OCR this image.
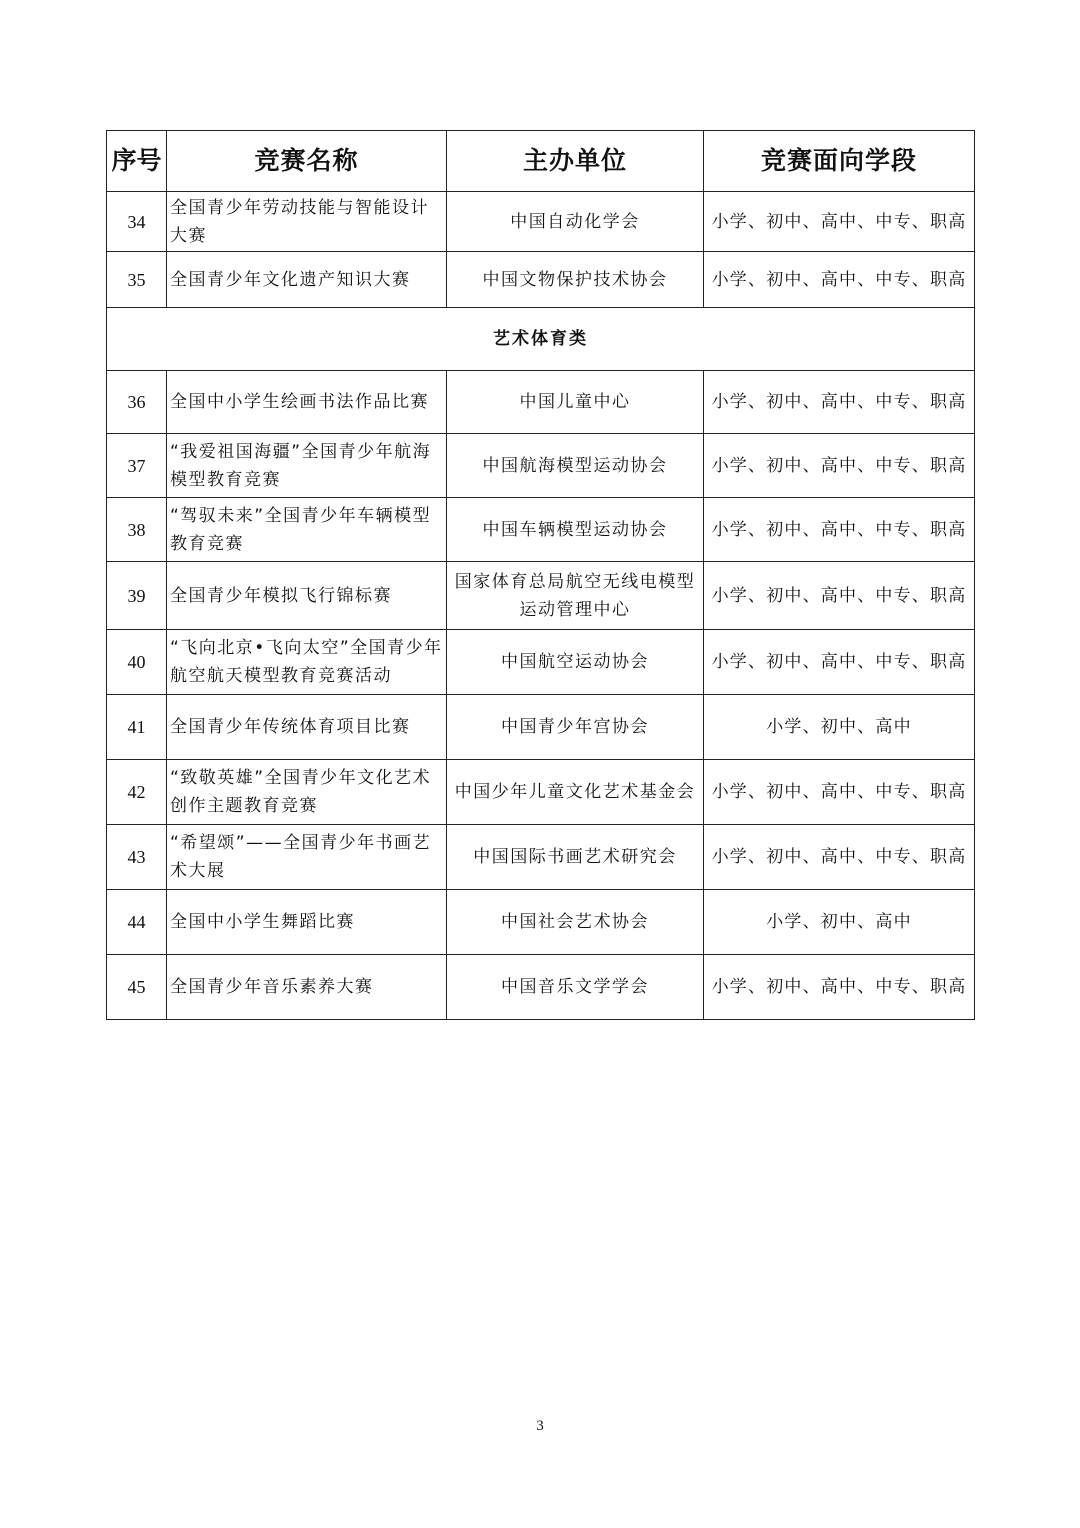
序号	竞赛名称	主办单位	竞赛面向学段
34	全国青少年劳动技能与智能设计大赛	中国自动化学会	小学、初中、高中、中专、职高
35	全国青少年文化遗产知识大赛	中国文物保护技术协会	小学、初中、高中、中专、职高
艺术体育类			
36	全国中小学生绘画书法作品比赛	中国儿童中心	小学、初中、高中、中专、职高
37	“我爱祖国海疆”全国青少年航海模型教育竞赛	中国航海模型运动协会	小学、初中、高中、中专、职高
38	“驾驭未来”全国青少年车辆模型教育竞赛	中国车辆模型运动协会	小学、初中、高中、中专、职高
39	全国青少年模拟飞行锦标赛	国家体育总局航空无线电模型运动管理中心	小学、初中、高中、中专、职高
40	“飞向北京•飞向太空”全国青少年航空航天模型教育竞赛活动	中国航空运动协会	小学、初中、高中、中专、职高
41	全国青少年传统体育项目比赛	中国青少年宫协会	小学、初中、高中
42	“致敬英雄”全国青少年文化艺术创作主题教育竞赛	中国少年儿童文化艺术基金会	小学、初中、高中、中专、职高
43	“希望颂”——全国青少年书画艺术大展	中国国际书画艺术研究会	小学、初中、高中、中专、职高
44	全国中小学生舞蹈比赛	中国社会艺术协会	小学、初中、高中
45	全国青少年音乐素养大赛	中国音乐文学学会	小学、初中、高中、中专、职高
3
